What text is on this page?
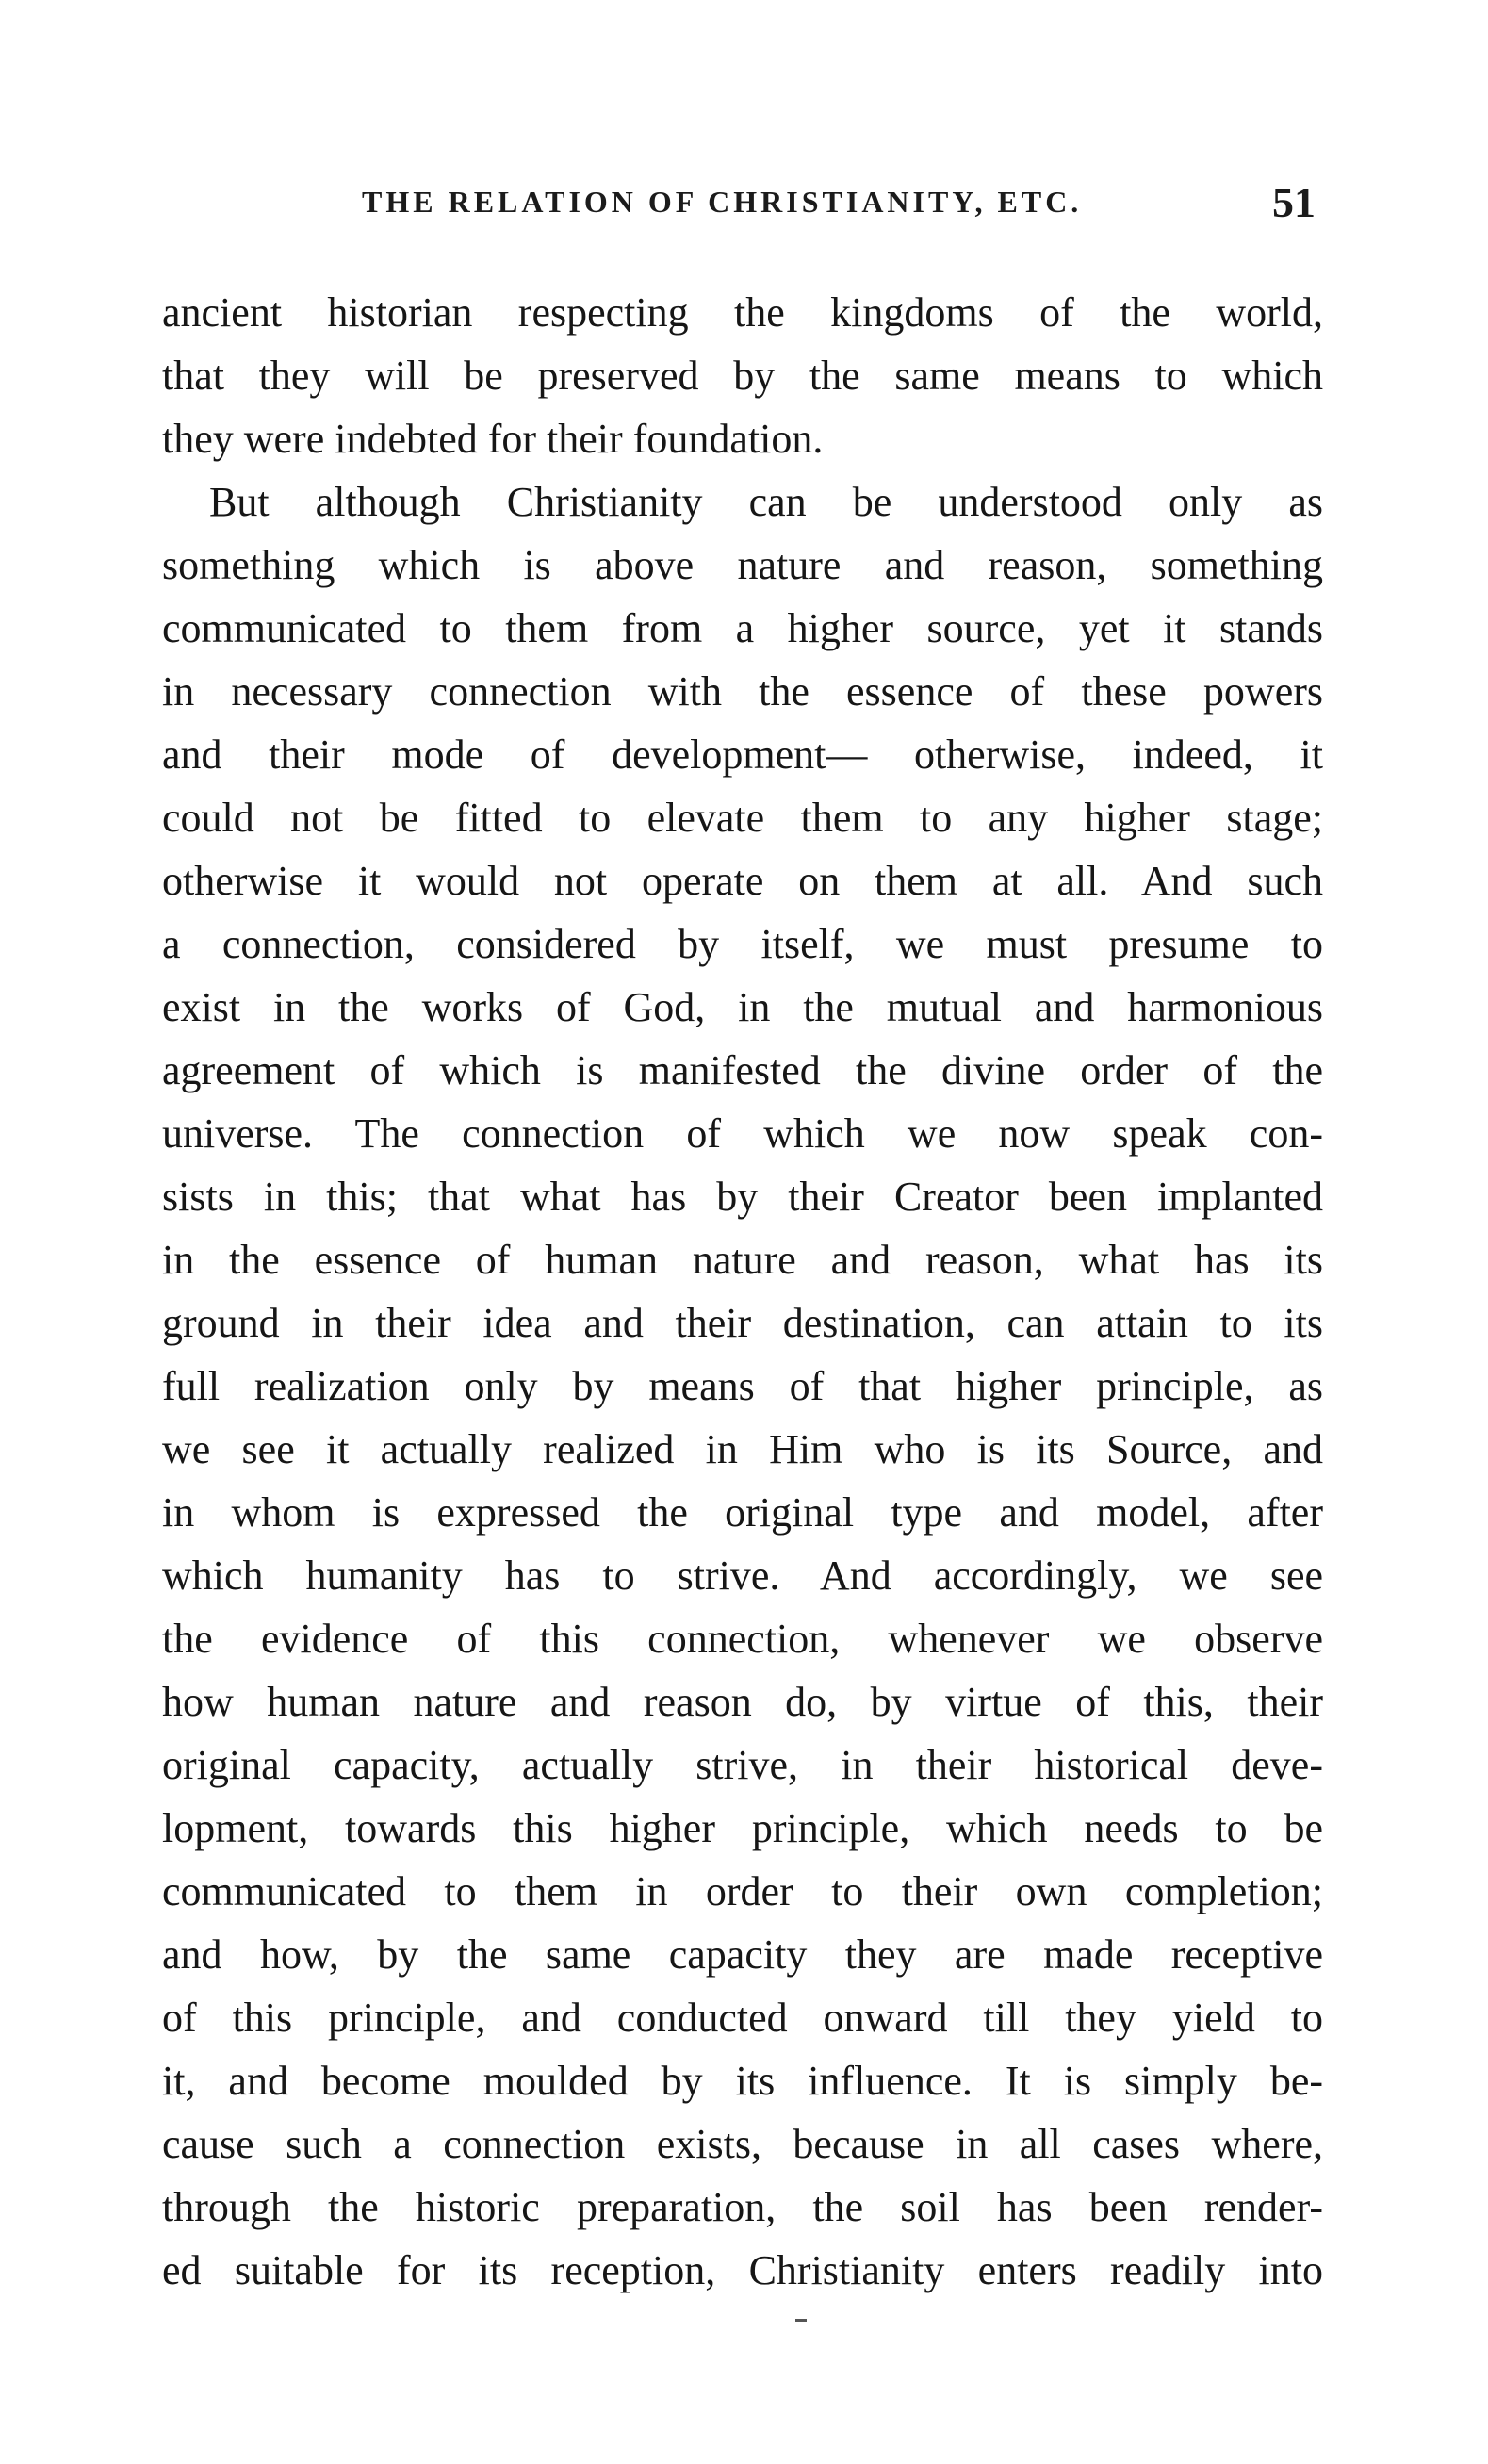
THE RELATION OF CHRISTIANITY, ETC.	51
ancient historian respecting the kingdoms of the world,
that they will be preserved by the same means to which
they were indebted for their foundation.
But although Christianity can be understood only as
something which is above nature and reason, something
communicated to them from a higher source, yet it stands
in necessary connection with the essence of these powers
and their mode of development— otherwise, indeed, it
could not be fitted to elevate them to any higher stage;
otherwise it would not operate on them at all. And such
a connection, considered by itself, we must presume to
exist in the works of God, in the mutual and harmonious
agreement of which is manifested the divine order of the
universe. The connection of which we now speak con-
sists in this; that what has by their Creator been implanted
in the essence of human nature and reason, what has its
ground in their idea and their destination, can attain to its
full realization only by means of that higher principle, as
we see it actually realized in Him who is its Source, and
in whom is expressed the original type and model, after
which humanity has to strive. And accordingly, we see
the evidence of this connection, whenever we observe
how human nature and reason do, by virtue of this, their
original capacity, actually strive, in their historical deve-
lopment, towards this higher principle, which needs to be
communicated to them in order to their own completion;
and how, by the same capacity they are made receptive
of this principle, and conducted onward till they yield to
it, and become moulded by its influence. It is simply be-
cause such a connection exists, because in all cases where,
through the historic preparation, the soil has been render-
ed suitable for its reception, Christianity enters readily into
